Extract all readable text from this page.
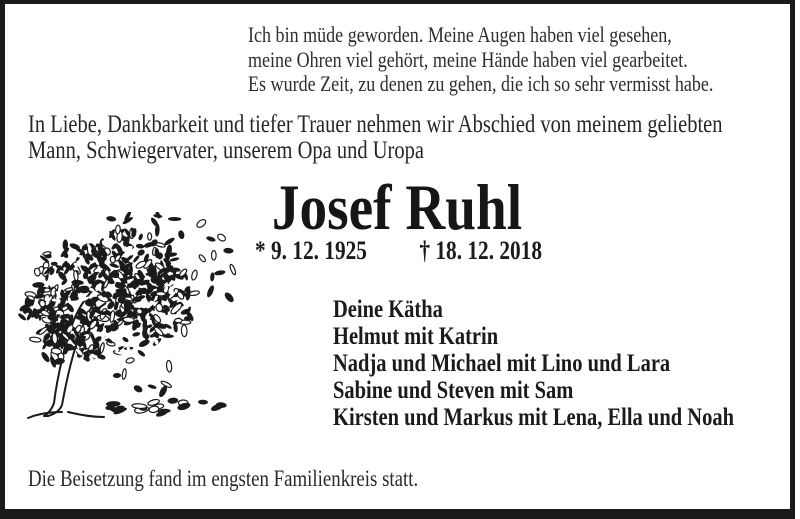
Ich bin müde geworden. Meine Augen haben viel gesehen,
meine Ohren viel gehört, meine Hände haben viel gearbeitet.
Es wurde Zeit, zu denen zu gehen, die ich so sehr vermisst habe.
In Liebe, Dankbarkeit und tiefer Trauer nehmen wir Abschied von meinem geliebten
Mann, Schwiegervater, unserem Opa und Uropa
Josef Ruhl
* 9. 12. 1925 † 18. 12. 2018
Deine Kätha
Helmut mit Katrin
Nadja und Michael mit Lino und Lara
Sabine und Steven mit Sam
Kirsten und Markus mit Lena, Ella und Noah
Die Beisetzung fand im engsten Familienkreis statt.
